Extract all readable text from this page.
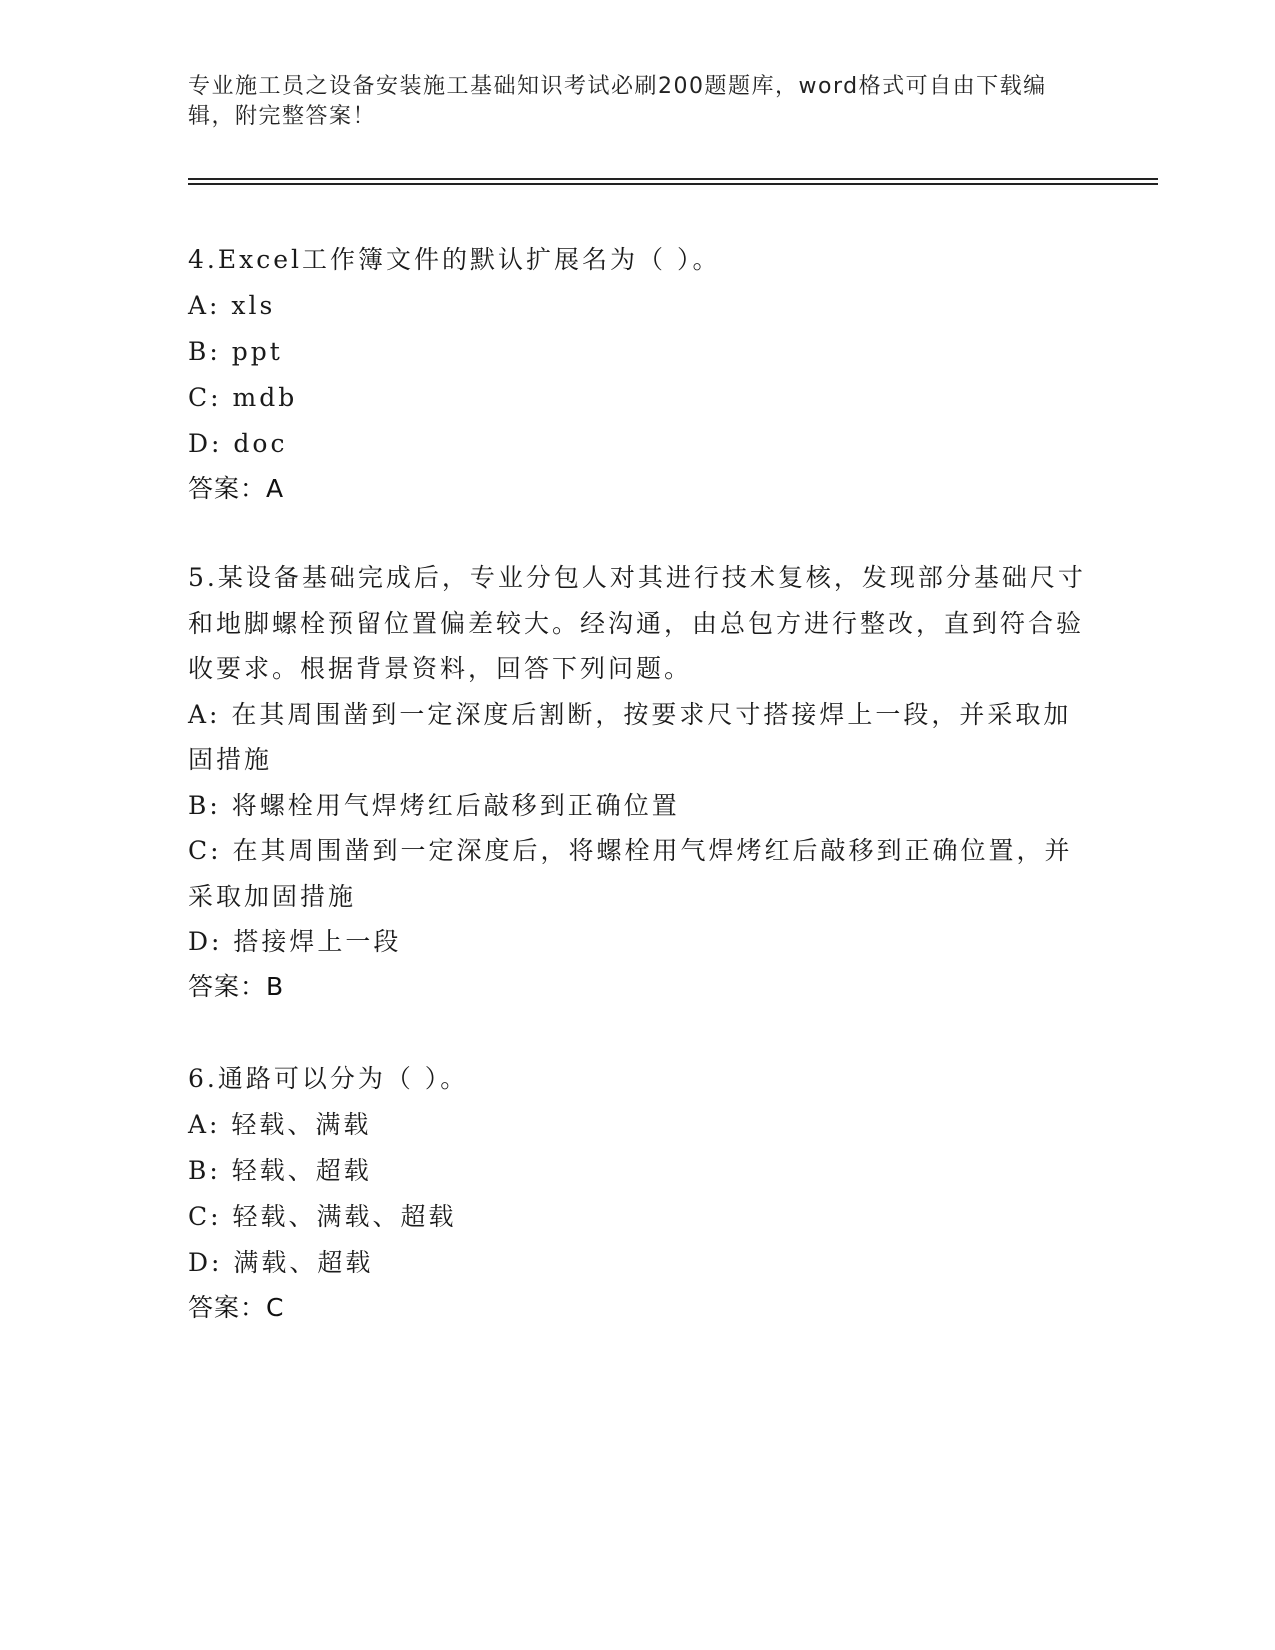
专业施工员之设备安装施工基础知识考试必刷200题题库，word格式可自由下载编辑，附完整答案！
4.Excel工作簿文件的默认扩展名为（ ）。
A: xls
B: ppt
C: mdb
D: doc
答案：A
5.某设备基础完成后，专业分包人对其进行技术复核，发现部分基础尺寸和地脚螺栓预留位置偏差较大。经沟通，由总包方进行整改，直到符合验收要求。根据背景资料，回答下列问题。
A: 在其周围凿到一定深度后割断，按要求尺寸搭接焊上一段，并采取加固措施
B: 将螺栓用气焊烤红后敲移到正确位置
C: 在其周围凿到一定深度后，将螺栓用气焊烤红后敲移到正确位置，并采取加固措施
D: 搭接焊上一段
答案：B
6.通路可以分为（ ）。
A: 轻载、满载
B: 轻载、超载
C: 轻载、满载、超载
D: 满载、超载
答案：C
